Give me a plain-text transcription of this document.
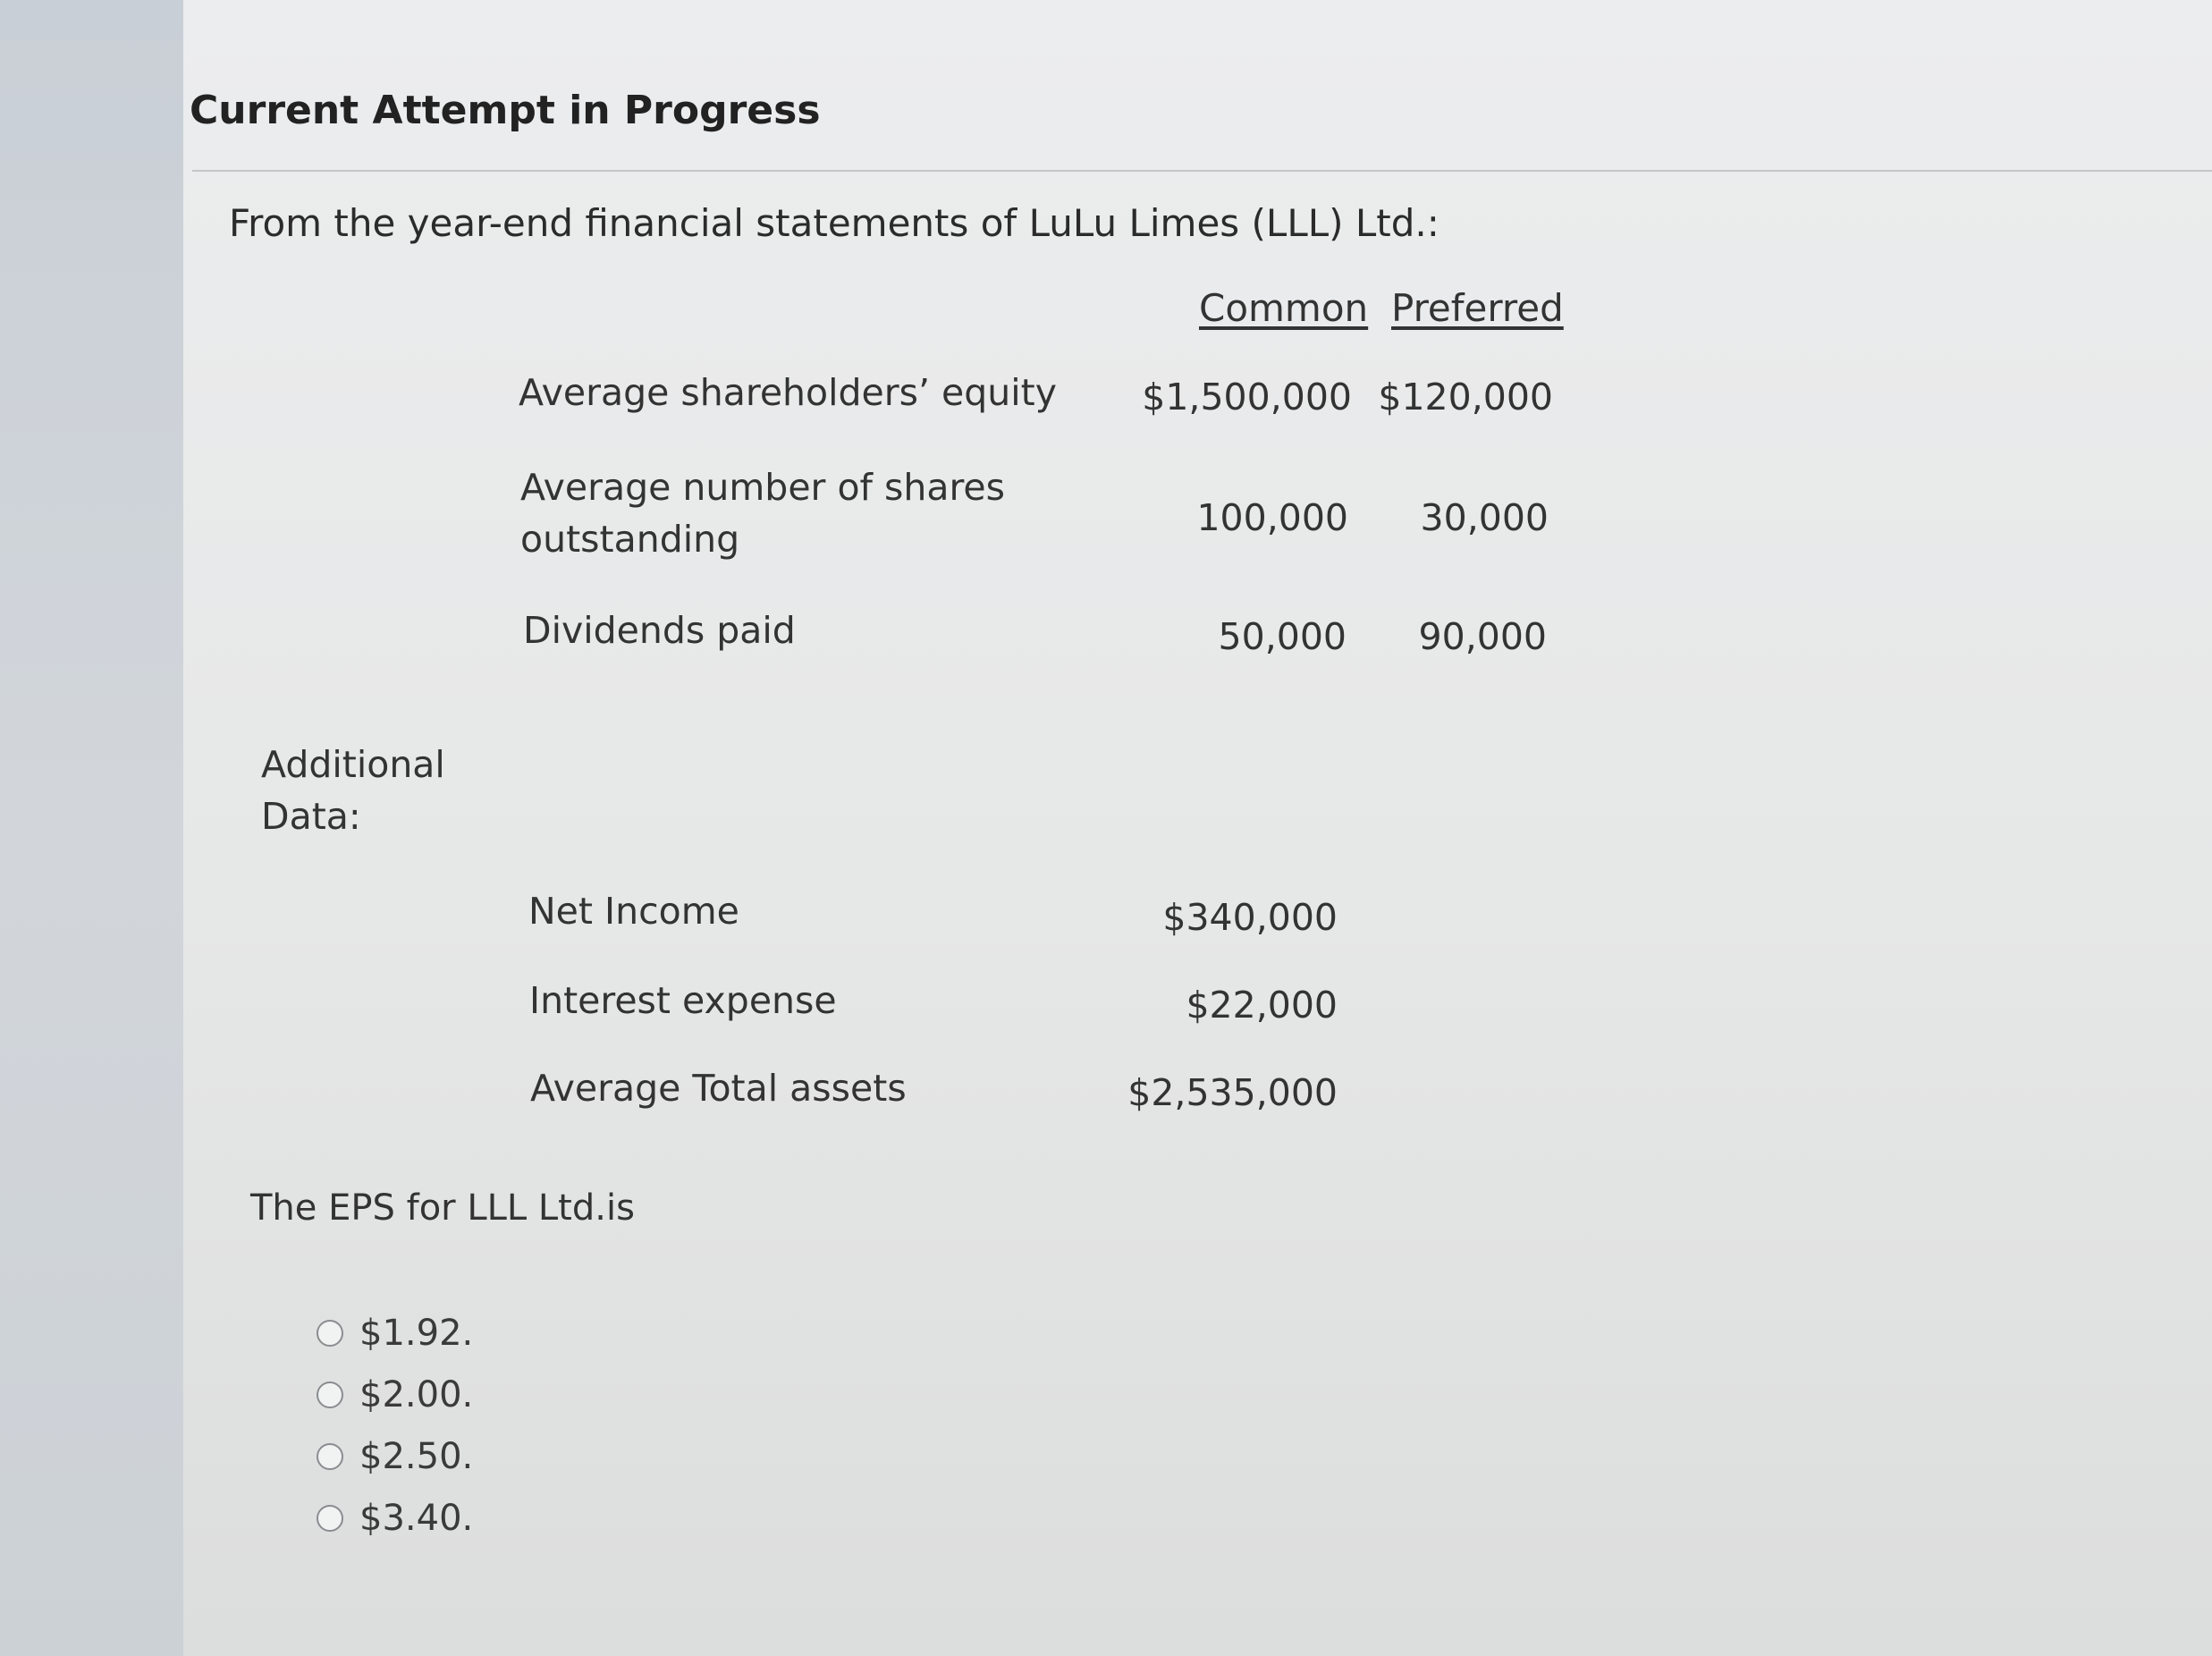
Current Attempt in Progress
From the year-end financial statements of LuLu Limes (LLL) Ltd.:
Common Preferred
Average shareholders’ equity	$1,500,000 $120,000
Average number of shares outstanding	100,000	30,000
Dividends paid	50,000	90,000
Additional Data:
Net Income	$340,000
Interest expense	$22,000
Average Total assets	$2,535,000
The EPS for LLL Ltd.is
$1.92.
$2.00.
$2.50.
$3.40.
